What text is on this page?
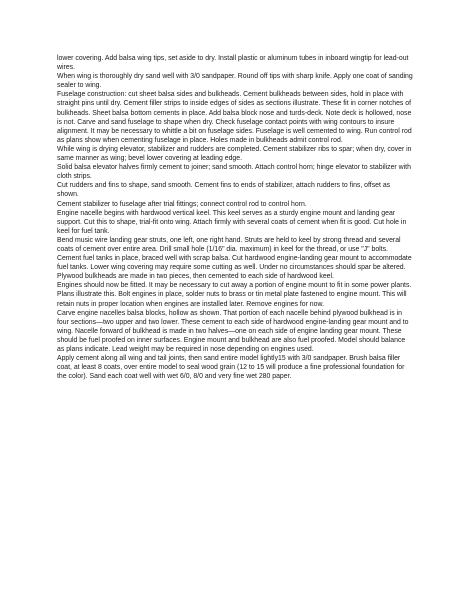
lower covering. Add balsa wing tips, set aside to dry. Install plastic or aluminum tubes in inboard wingtip for lead-out wires.

When wing is thoroughly dry sand well with 3/0 sandpaper. Round off tips with sharp knife. Apply one coat of sanding sealer to wing.

Fuselage construction: cut sheet balsa sides and bulkheads. Cement bulkheads between sides, hold in place with straight pins until dry. Cement filler strips to inside edges of sides as sections illustrate. These fit in corner notches of bulkheads. Sheet balsa bottom cements in place. Add balsa block nose and turds-deck. Note deck is hollowed, nose is not. Carve and sand fuselage to shape when dry. Check fuselage contact points with wing contours to insure alignment. It may be necessary to whittle a bit on fuselage sides. Fuselage is well cemented to wing. Run control rod as plans show when cementing fuselage in place. Holes made in bulkheads admit control rod.

While wing is drying elevator, stabilizer and rudders are completed. Cement stabilizer ribs to spar; when dry, cover in same manner as wing; bevel lower covering at leading edge.

Solid balsa elevator halves firmly cement to joiner; sand smooth. Attach control horn; hinge elevator to stabilizer with cloth strips.

Cut rudders and fins to shape, sand smooth. Cement fins to ends of stabilizer, attach rudders to fins, offset as shown.

Cement stabilizer to fuselage after trial fittings; connect control rod to control horn.

Engine nacelle begins with hardwood vertical keel. This keel serves as a sturdy engine mount and landing gear support. Cut this to shape, trial-fit onto wing. Attach firmly with several coats of cement when fit is good. Cut hole in keel for fuel tank.

Bend music wire landing gear struts, one left, one right hand. Struts are held to keel by strong thread and several coats of cement over entire area. Drill small hole (1/16" dia. maximum) in keel for the thread, or use "J" bolts.

Cement fuel tanks in place, braced well with scrap balsa. Cut hardwood engine-landing gear mount to accommodate fuel tanks. Lower wing covering may require some cutting as well. Under no circumstances should spar be altered.

Plywood bulkheads are made in two pieces, then cemented to each side of hardwood keel.

Engines should now be fitted. It may be necessary to cut away a portion of engine mount to fit in some power plants. Plans illustrate this. Bolt engines in place, solder nuts to brass or tin metal plate fastened to engine mount. This will retain nuts in proper location when engines are installed later. Remove engines for now.

Carve engine nacelles balsa blocks, hollow as shown. That portion of each nacelle behind plywood bulkhead is in four sections—two upper and two lower. These cement to each side of hardwood engine-landing gear mount and to wing. Nacelle forward of bulkhead is made in two halves—one on each side of engine landing gear mount. These should be fuel proofed on inner surfaces. Engine mount and bulkhead are also fuel proofed. Model should balance as plans indicate. Lead weight may be required in nose depending on engines used.

Apply cement along all wing and tail joints, then sand entire model lightly15 with 3/0 sandpaper. Brush balsa filler coat, at least 8 coats, over entire model to seal wood grain (12 to 15 will produce a fine professional foundation for the color). Sand each coat well with wet 6/0, 8/0 and very fine wet 280 paper.
